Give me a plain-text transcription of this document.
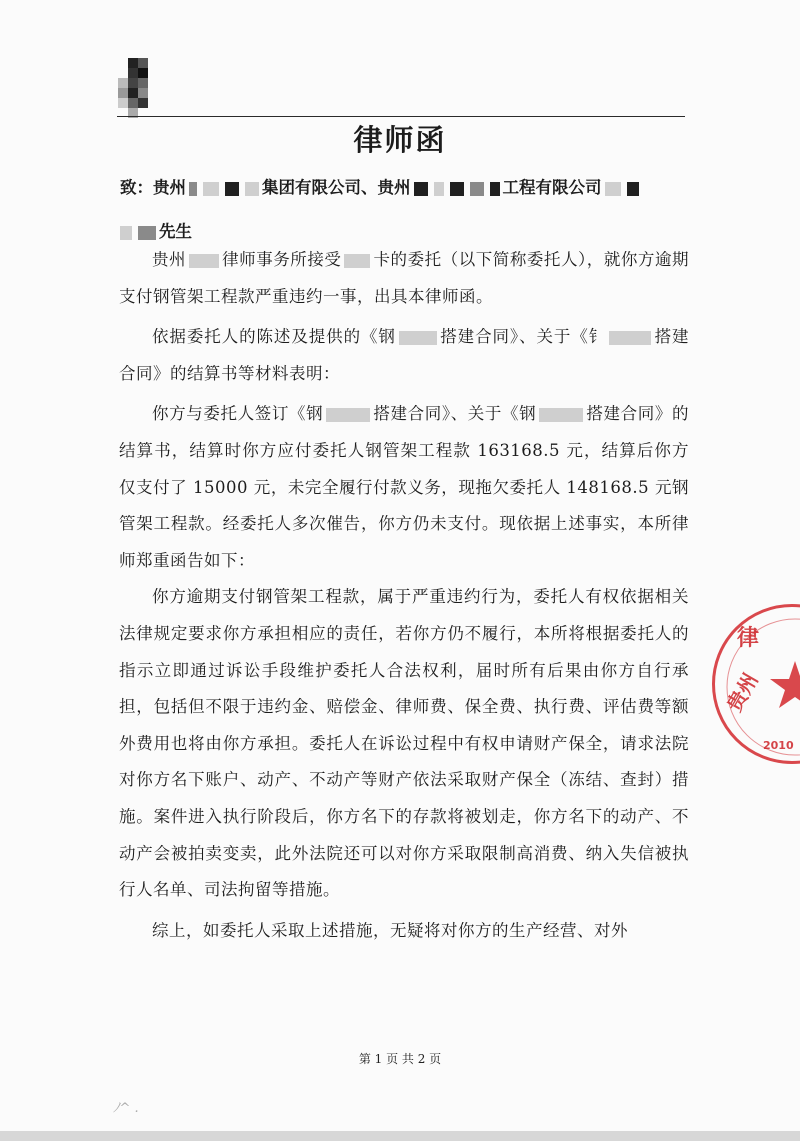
律师函

致：贵州	集团有限公司、贵州	工程有限公司

先生

贵州 律师事务所接受 卡的委托（以下简称委托人），就你方逾期支付钢管架工程款严重违约一事，出具本律师函。

依据委托人的陈述及提供的《钢	搭建合同》、关于《钅	搭建合同》的结算书等材料表明：

你方与委托人签订《钢	搭建合同》、关于《钢	搭建合同》的结算书，结算时你方应付委托人钢管架工程款 163168.5 元，结算后你方仅支付了 15000 元，未完全履行付款义务，现拖欠委托人 148168.5 元钢管架工程款。经委托人多次催告，你方仍未支付。现依据上述事实，本所律师郑重函告如下：

你方逾期支付钢管架工程款，属于严重违约行为，委托人有权依据相关法律规定要求你方承担相应的责任，若你方仍不履行，本所将根据委托人的指示立即通过诉讼手段维护委托人合法权利，届时所有后果由你方自行承担，包括但不限于违约金、赔偿金、律师费、保全费、执行费、评估费等额外费用也将由你方承担。委托人在诉讼过程中有权申请财产保全，请求法院对你方名下账户、动产、不动产等财产依法采取财产保全（冻结、查封）措施。案件进入执行阶段后，你方名下的存款将被划走，你方名下的动产、不动产会被拍卖变卖，此外法院还可以对你方采取限制高消费、纳入失信被执行人名单、司法拘留等措施。

综上，如委托人采取上述措施，无疑将对你方的生产经营、对外

律
贵州
2010
第 1 页 共 2 页
ﾉ^ .
